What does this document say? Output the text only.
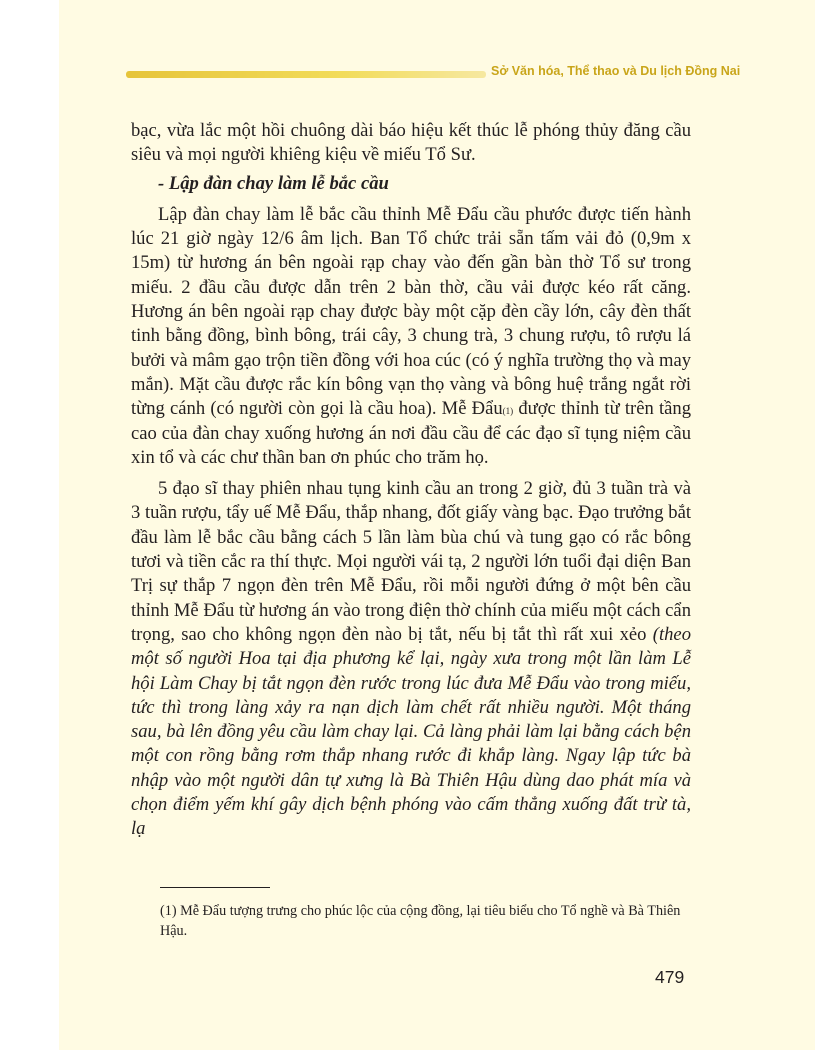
Sở Văn hóa, Thể thao và Du lịch Đồng Nai

bạc, vừa lắc một hồi chuông dài báo hiệu kết thúc lễ phóng thủy đăng cầu siêu và mọi người khiêng kiệu về miếu Tổ Sư.

- Lập đàn chay làm lễ bắc cầu

Lập đàn chay làm lễ bắc cầu thỉnh Mễ Đẩu cầu phước được tiến hành lúc 21 giờ ngày 12/6 âm lịch. Ban Tổ chức trải sẵn tấm vải đỏ (0,9m x 15m) từ hương án bên ngoài rạp chay vào đến gần bàn thờ Tổ sư trong miếu. 2 đầu cầu được dẫn trên 2 bàn thờ, cầu vải được kéo rất căng. Hương án bên ngoài rạp chay được bày một cặp đèn cầy lớn, cây đèn thất tinh bằng đồng, bình bông, trái cây, 3 chung trà, 3 chung rượu, tô rượu lá bưởi và mâm gạo trộn tiền đồng với hoa cúc (có ý nghĩa trường thọ và may mắn). Mặt cầu được rắc kín bông vạn thọ vàng và bông huệ trắng ngắt rời từng cánh (có người còn gọi là cầu hoa). Mễ Đẩu$^{(1)}$ được thỉnh từ trên tầng cao của đàn chay xuống hương án nơi đầu cầu để các đạo sĩ tụng niệm cầu xin tổ và các chư thần ban ơn phúc cho trăm họ.

5 đạo sĩ thay phiên nhau tụng kinh cầu an trong 2 giờ, đủ 3 tuần trà và 3 tuần rượu, tẩy uế Mễ Đẩu, thắp nhang, đốt giấy vàng bạc. Đạo trưởng bắt đầu làm lễ bắc cầu bằng cách 5 lần làm bùa chú và tung gạo có rắc bông tươi và tiền cắc ra thí thực. Mọi người vái tạ, 2 người lớn tuổi đại diện Ban Trị sự thắp 7 ngọn đèn trên Mễ Đẩu, rồi mỗi người đứng ở một bên cầu thỉnh Mễ Đẩu từ hương án vào trong điện thờ chính của miếu một cách cẩn trọng, sao cho không ngọn đèn nào bị tắt, nếu bị tắt thì rất xui xẻo (theo một số người Hoa tại địa phương kể lại, ngày xưa trong một lần làm Lễ hội Làm Chay bị tắt ngọn đèn rước trong lúc đưa Mễ Đẩu vào trong miếu, tức thì trong làng xảy ra nạn dịch làm chết rất nhiều người. Một tháng sau, bà lên đồng yêu cầu làm chay lại. Cả làng phải làm lại bằng cách bện một con rồng bằng rơm thắp nhang rước đi khắp làng. Ngay lập tức bà nhập vào một người dân tự xưng là Bà Thiên Hậu dùng dao phát mía và chọn điểm yếm khí gây dịch bệnh phóng vào cấm thẳng xuống đất trừ tà, lạ

(1) Mễ Đẩu tượng trưng cho phúc lộc của cộng đồng, lại tiêu biểu cho Tổ nghề và Bà Thiên Hậu.

479
